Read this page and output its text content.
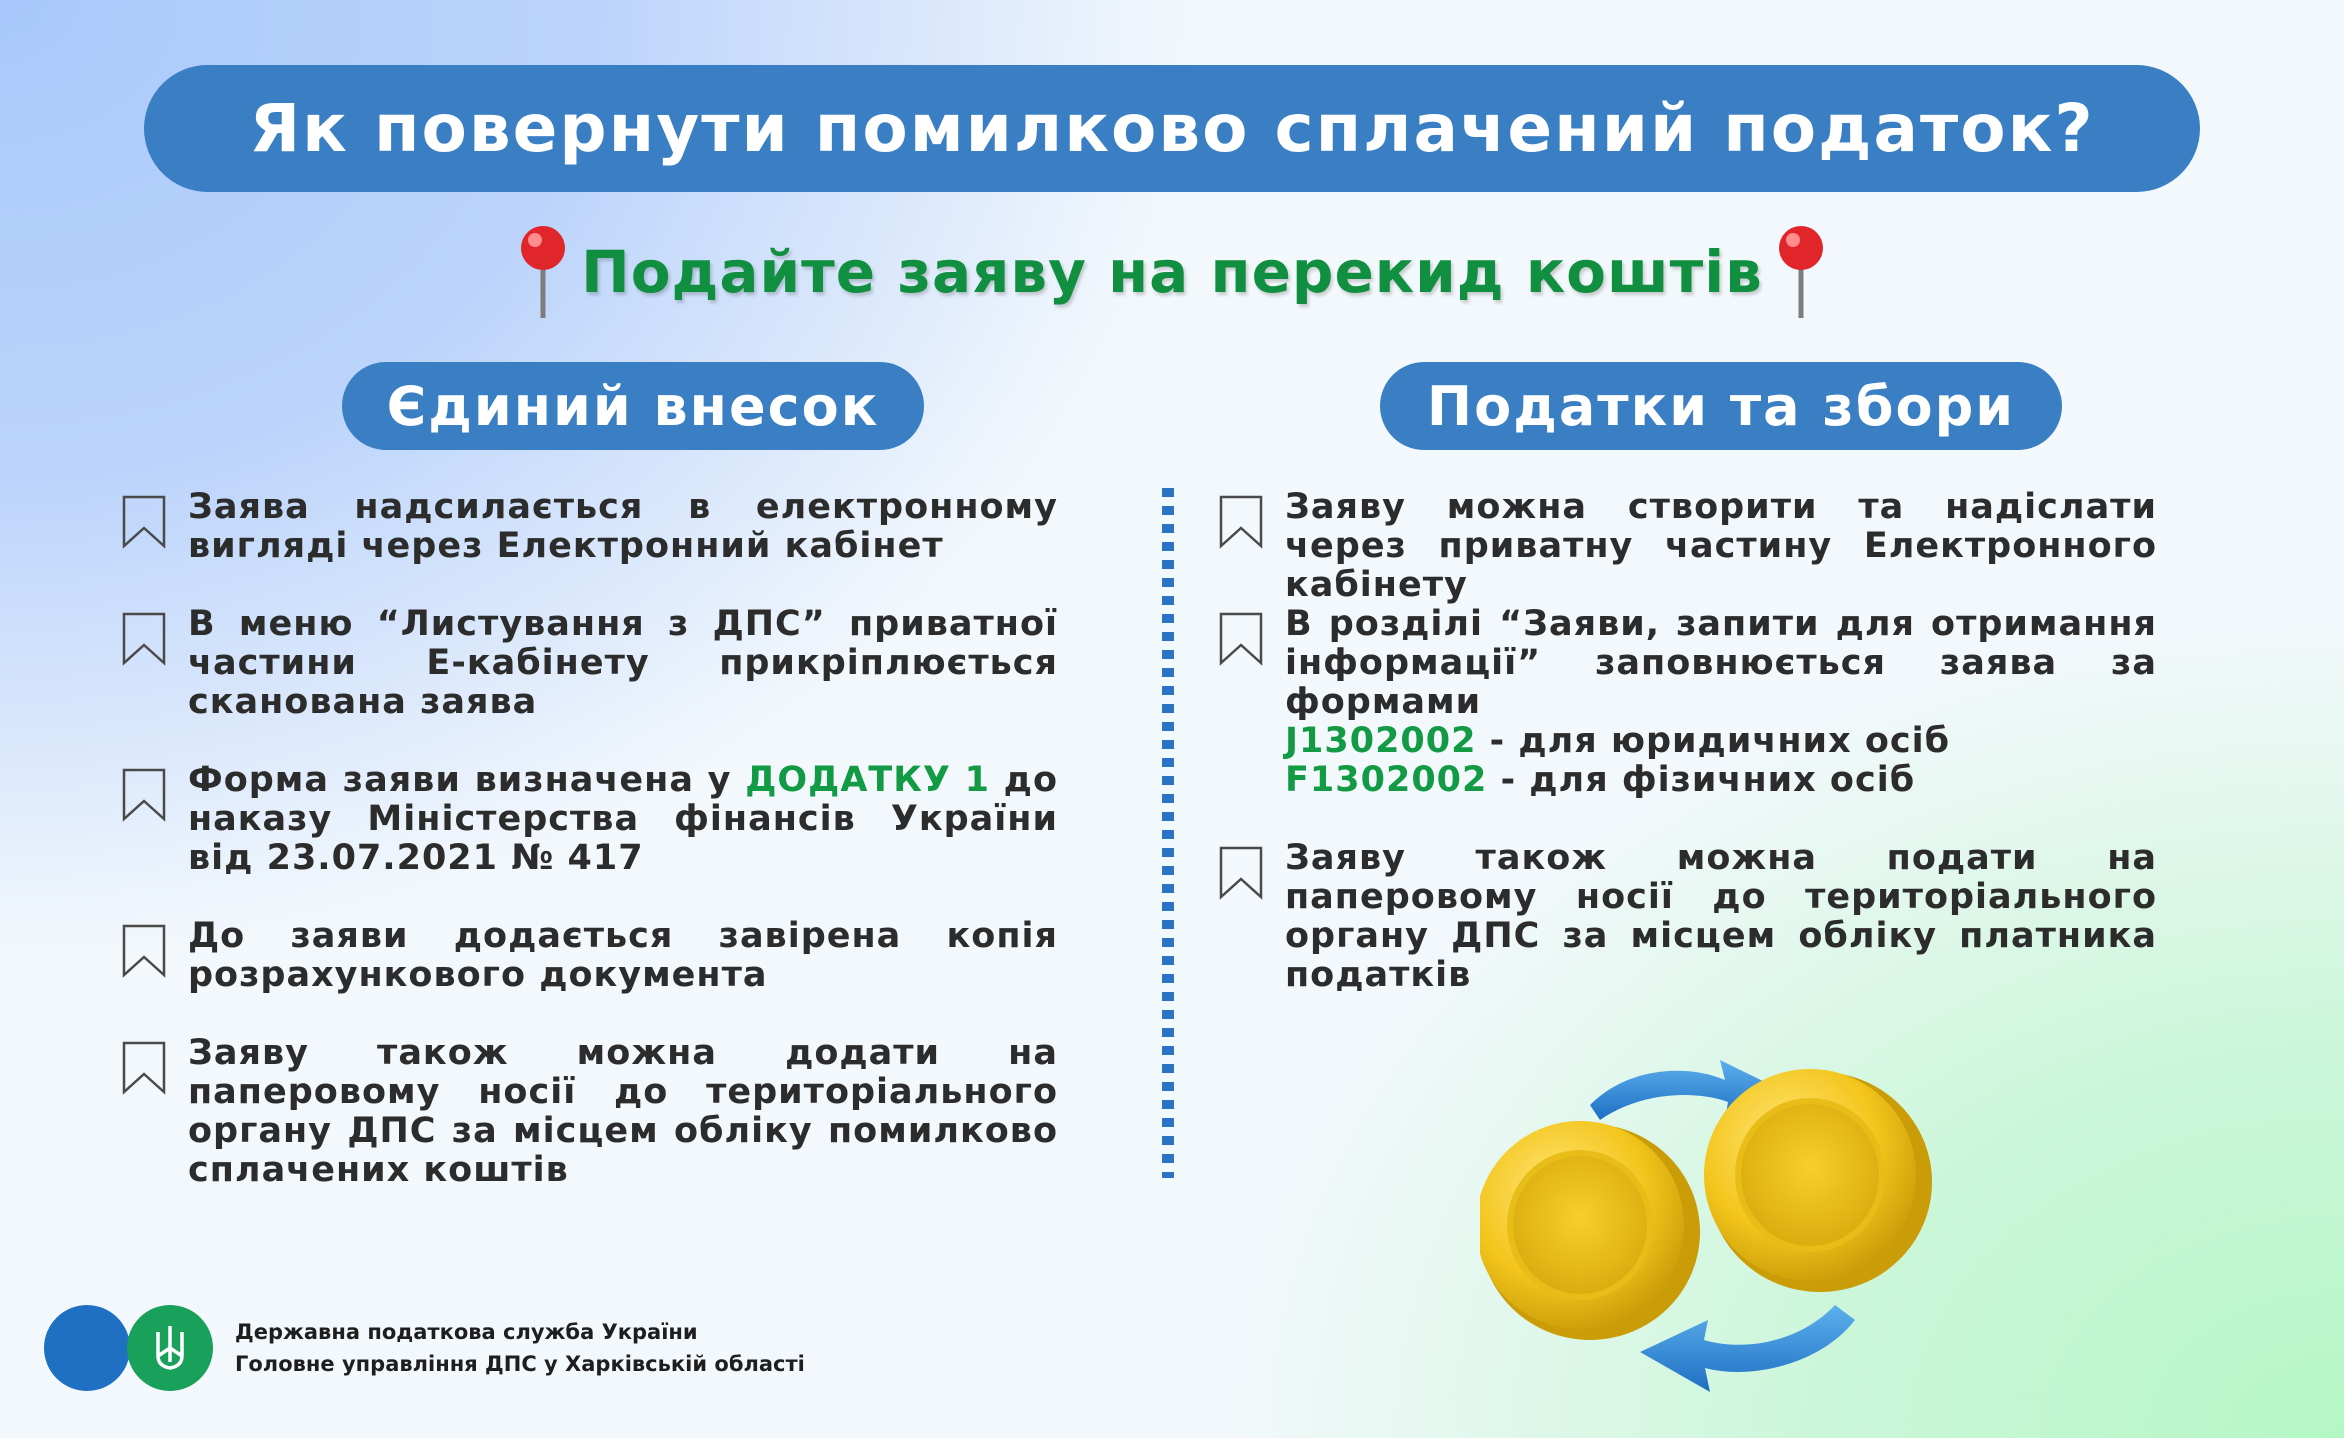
Як повернути помилково сплачений податок?
Подайте заяву на перекид коштів
Єдиний внесок	Податки та збори
Заява надсилається в електронному вигляді через Електронний кабінет
В меню “Листування з ДПС” приватної частини Е-кабінету прикріплюється сканована заява
Форма заяви визначена у ДОДАТКУ 1 до наказу Міністерства фінансів України від 23.07.2021 № 417
До заяви додається завірена копія розрахункового документа
Заяву також можна додати на паперовому носії до територіального органу ДПС за місцем обліку помилково сплачених коштів
Заяву можна створити та надіслати через приватну частину Електронного кабінету
В розділі “Заяви, запити для отримання інформації” заповнюється заява за формами
J1302002 - для юридичних осіб
F1302002 - для фізичних осіб
Заяву також можна подати на паперовому носії до територіального органу ДПС за місцем обліку платника податків
Державна податкова служба України
Головне управління ДПС у Харківській області
